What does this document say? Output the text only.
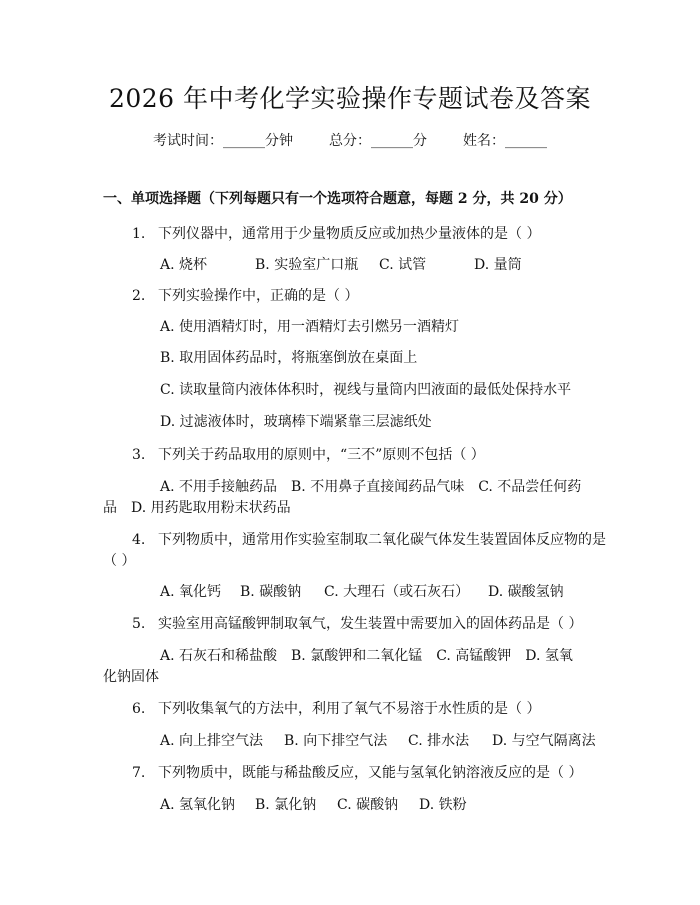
2026 年中考化学实验操作专题试卷及答案
考试时间：______分钟	总分：______分	姓名：______
一、单项选择题（下列每题只有一个选项符合题意，每题 2 分，共 20 分）
1. 下列仪器中，通常用于少量物质反应或加热少量液体的是（ ）
A. 烧杯	B. 实验室广口瓶 C. 试管	D. 量筒
2. 下列实验操作中，正确的是（ ）
A. 使用酒精灯时，用一酒精灯去引燃另一酒精灯
B. 取用固体药品时，将瓶塞倒放在桌面上
C. 读取量筒内液体体积时，视线与量筒内凹液面的最低处保持水平
D. 过滤液体时，玻璃棒下端紧靠三层滤纸处
3. 下列关于药品取用的原则中，“三不”原则不包括（ ）
A. 不用手接触药品　B. 不用鼻子直接闻药品气味　C. 不品尝任何药
品　D. 用药匙取用粉末状药品
4. 下列物质中，通常用作实验室制取二氧化碳气体发生装置固体反应物的是
（ ）
A. 氧化钙 B. 碳酸钠 C. 大理石（或石灰石） D. 碳酸氢钠
5. 实验室用高锰酸钾制取氧气，发生装置中需要加入的固体药品是（ ）
A. 石灰石和稀盐酸　B. 氯酸钾和二氧化锰　C. 高锰酸钾　D. 氢氧
化钠固体
6. 下列收集氧气的方法中，利用了氧气不易溶于水性质的是（ ）
A. 向上排空气法 B. 向下排空气法 C. 排水法 D. 与空气隔离法
7. 下列物质中，既能与稀盐酸反应，又能与氢氧化钠溶液反应的是（ ）
A. 氢氧化钠 B. 氯化钠 C. 碳酸钠 D. 铁粉
